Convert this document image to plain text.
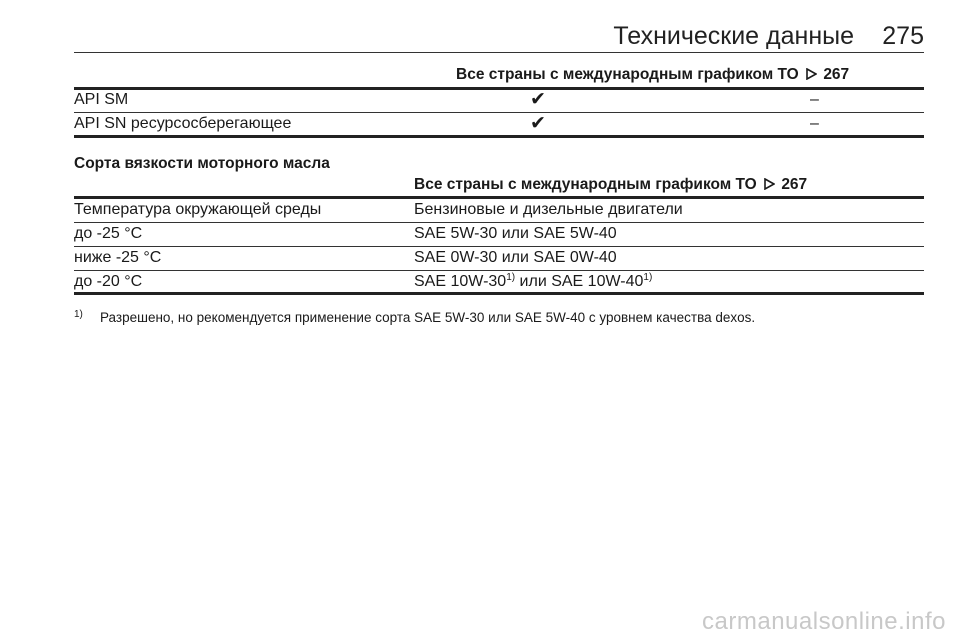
Технические данные 275
Все страны с международным графиком ТО 267
API SM	✔	–
API SN ресурсосберегающее	✔	–
Сорта вязкости моторного масла
Все страны с международным графиком ТО 267
Температура окружающей среды	Бензиновые и дизельные двигатели
до -25 °C	SAE 5W-30 или SAE 5W-40
ниже -25 °C	SAE 0W-30 или SAE 0W-40
до -20 °C	SAE 10W-30$^{1)}$ или SAE 10W-40$^{1)}$
1) Разрешено, но рекомендуется применение сорта SAE 5W-30 или SAE 5W-40 с уровнем качества dexos.
carmanualsonline.info
